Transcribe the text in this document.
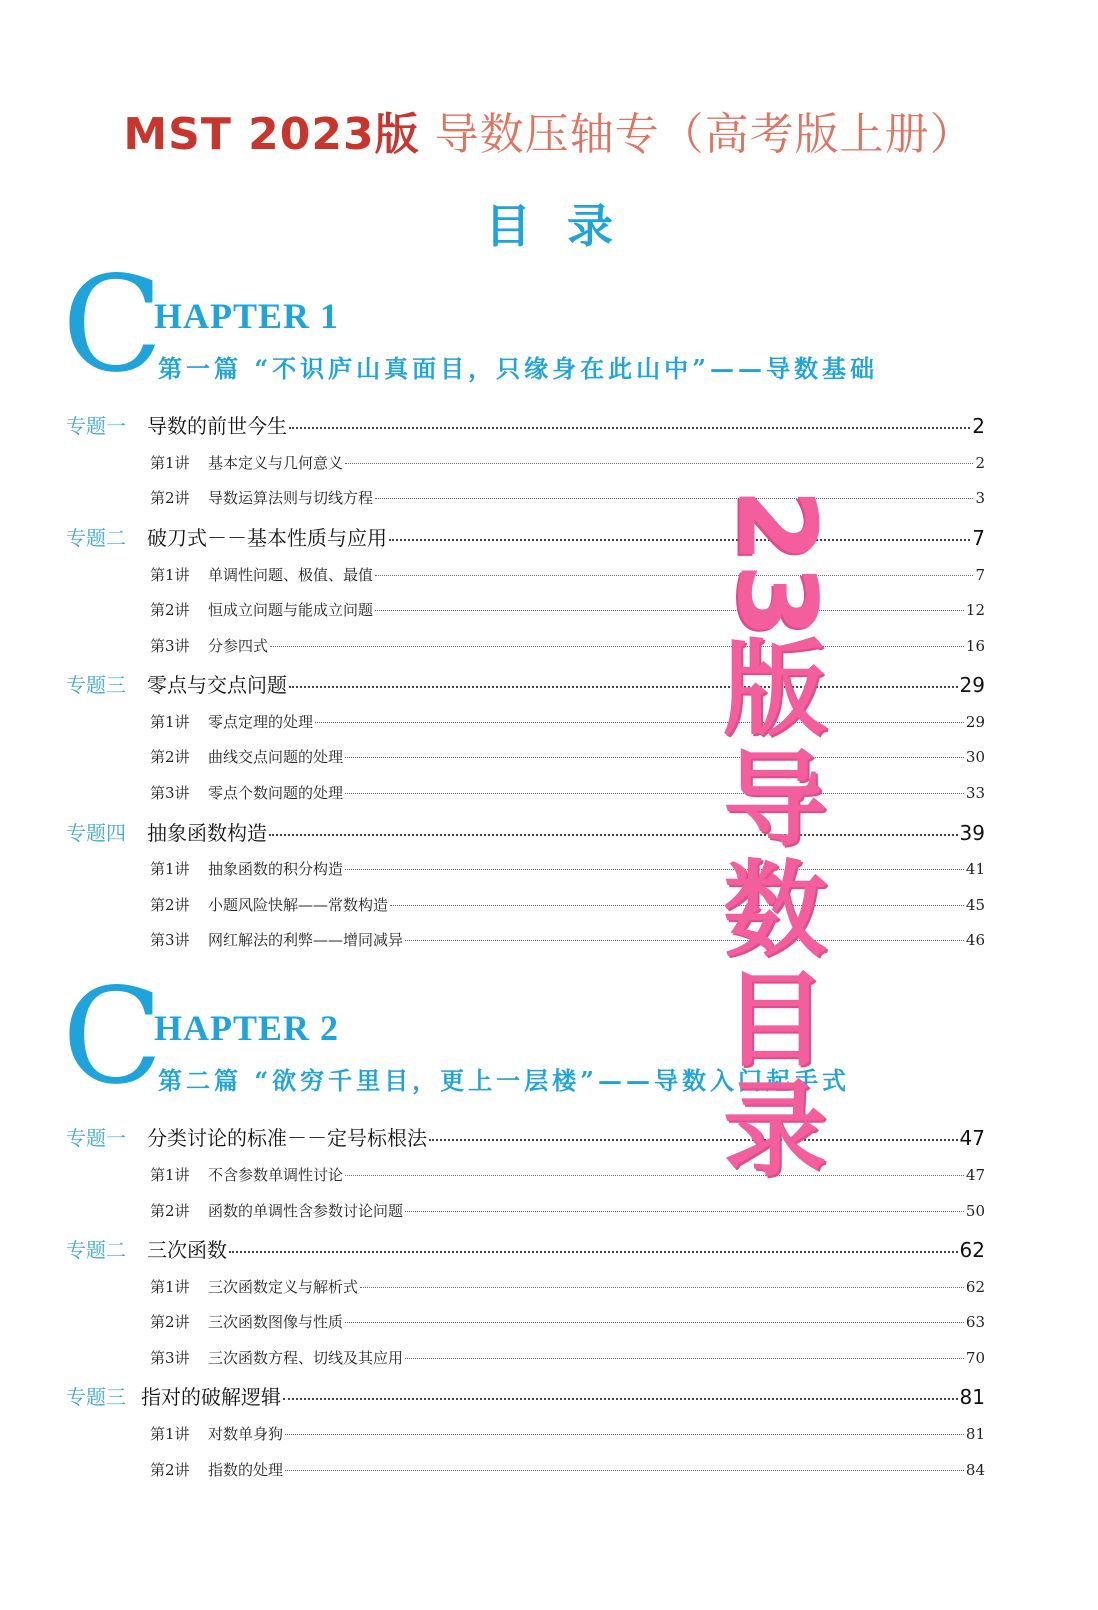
MST 2023版 导数压轴专（高考版上册）
目录
C
HAPTER 1
第一篇 “不识庐山真面目，只缘身在此山中”——导数基础
专题一 导数的前世今生	2
第1讲	基本定义与几何意义	2
第2讲	导数运算法则与切线方程	3
专题二 破刀式－－基本性质与应用	7
第1讲	单调性问题、极值、最值	7
第2讲	恒成立问题与能成立问题	12
第3讲	分参四式	16
专题三 零点与交点问题	29
第1讲	零点定理的处理	29
第2讲	曲线交点问题的处理	30
第3讲	零点个数问题的处理	33
专题四 抽象函数构造	39
第1讲	抽象函数的积分构造	41
第2讲	小题风险快解——常数构造	45
第3讲	网红解法的利弊——增同减异	46
C
HAPTER 2
第二篇 “欲穷千里目，更上一层楼”——导数入门起手式
专题一 分类讨论的标准－－定号标根法	47
第1讲	不含参数单调性讨论	47
第2讲	函数的单调性含参数讨论问题	50
专题二 三次函数	62
第1讲	三次函数定义与解析式	62
第2讲	三次函数图像与性质	63
第3讲	三次函数方程、切线及其应用	70
专题三 指对的破解逻辑	81
第1讲	对数单身狗	81
第2讲	指数的处理	84
23
版
导
数
目
录
